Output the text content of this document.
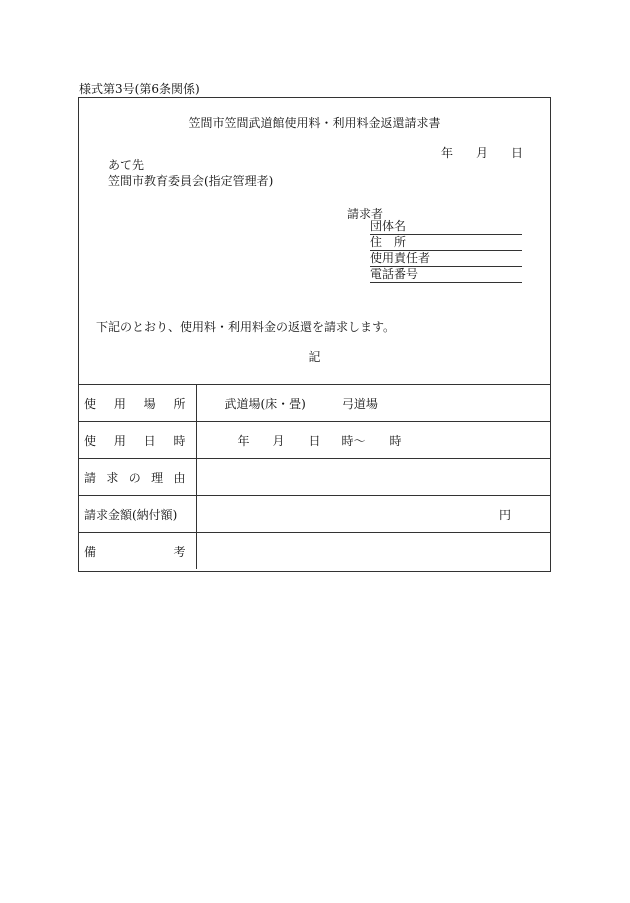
様式第3号(第6条関係)
笠間市笠間武道館使用料・利用料金返還請求書
年 月 日
あて先
笠間市教育委員会(指定管理者)
請求者
団体名
住所
使用責任者
電話番号
下記のとおり、使用料・利用料金の返還を請求します。
記
使 用 場 所	武道場(床・畳) 弓道場

使 用 日 時	年 月 日 時〜 時

請 求 の 理 由	

請求金額(納付額)	円

備 考	
